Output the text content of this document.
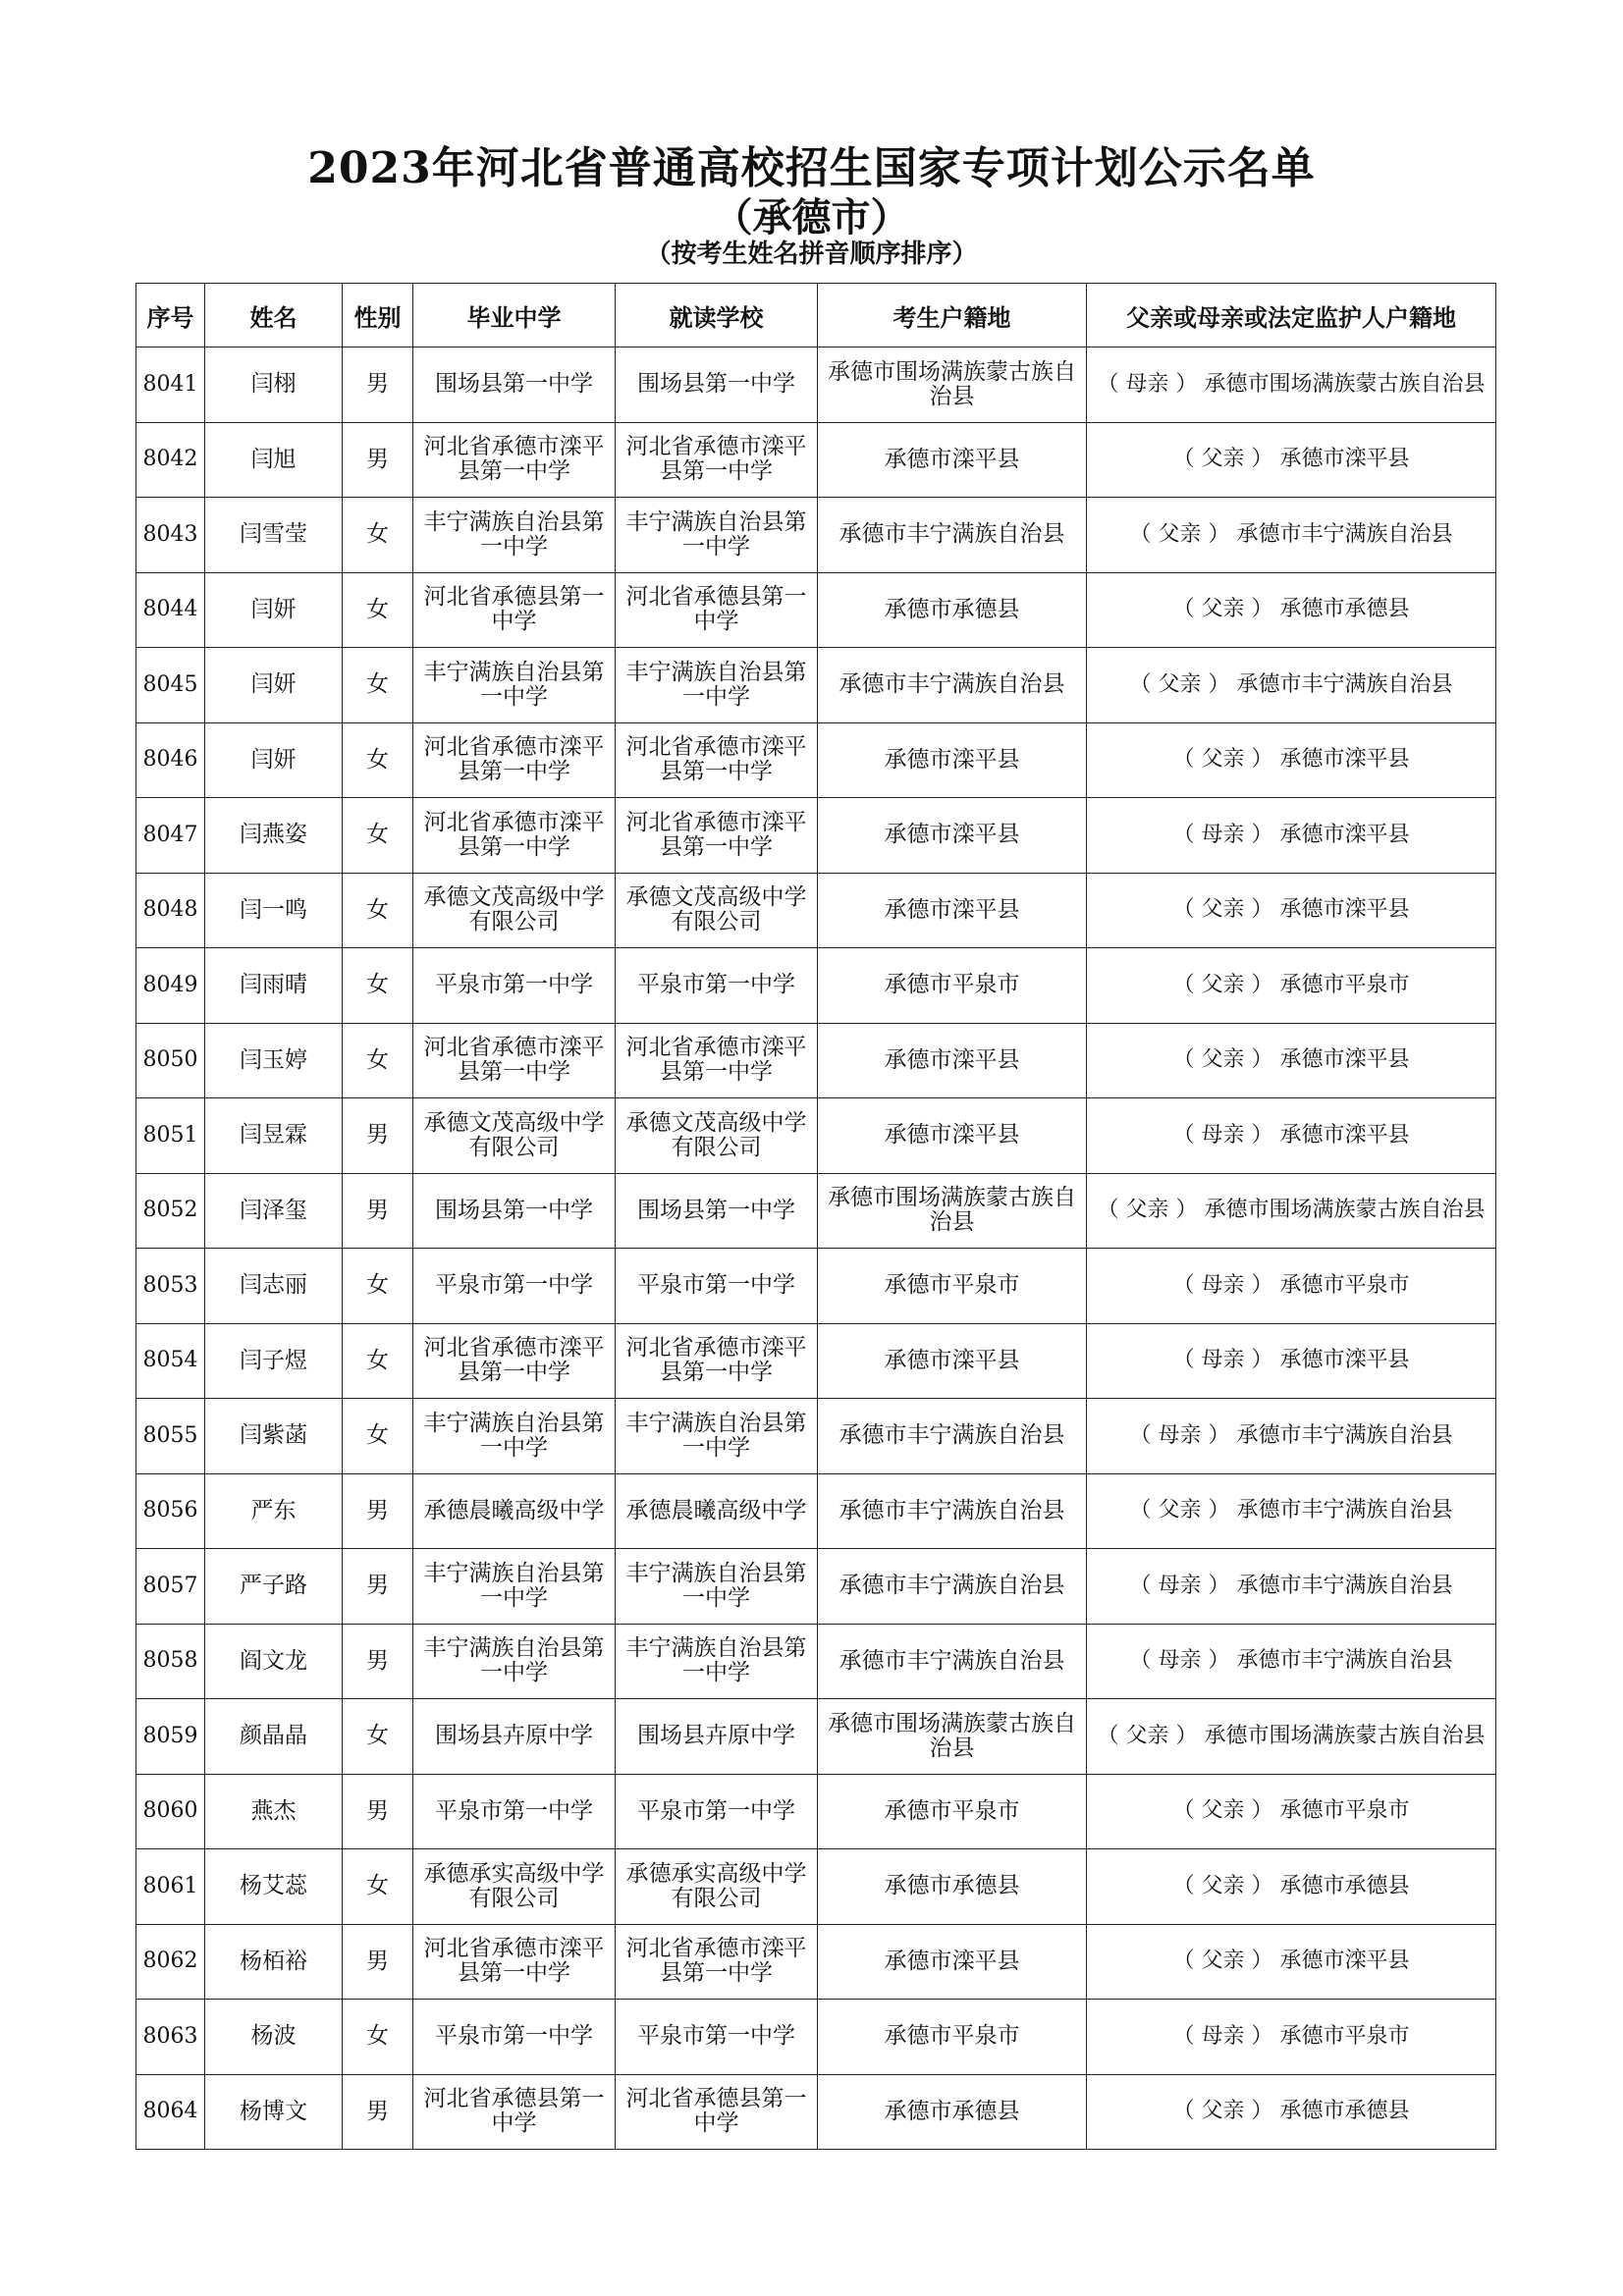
2023年河北省普通高校招生国家专项计划公示名单
（承德市）
（按考生姓名拼音顺序排序）
序号	姓名	性别	毕业中学	就读学校	考生户籍地	父亲或母亲或法定监护人户籍地
8041	闫栩	男	围场县第一中学	围场县第一中学	承德市围场满族蒙古族自治县	（ 母亲 ） 承德市围场满族蒙古族自治县
8042	闫旭	男	河北省承德市滦平县第一中学	河北省承德市滦平县第一中学	承德市滦平县	（ 父亲 ） 承德市滦平县
8043	闫雪莹	女	丰宁满族自治县第一中学	丰宁满族自治县第一中学	承德市丰宁满族自治县	（ 父亲 ） 承德市丰宁满族自治县
8044	闫妍	女	河北省承德县第一中学	河北省承德县第一中学	承德市承德县	（ 父亲 ） 承德市承德县
8045	闫妍	女	丰宁满族自治县第一中学	丰宁满族自治县第一中学	承德市丰宁满族自治县	（ 父亲 ） 承德市丰宁满族自治县
8046	闫妍	女	河北省承德市滦平县第一中学	河北省承德市滦平县第一中学	承德市滦平县	（ 父亲 ） 承德市滦平县
8047	闫燕姿	女	河北省承德市滦平县第一中学	河北省承德市滦平县第一中学	承德市滦平县	（ 母亲 ） 承德市滦平县
8048	闫一鸣	女	承德文茂高级中学有限公司	承德文茂高级中学有限公司	承德市滦平县	（ 父亲 ） 承德市滦平县
8049	闫雨晴	女	平泉市第一中学	平泉市第一中学	承德市平泉市	（ 父亲 ） 承德市平泉市
8050	闫玉婷	女	河北省承德市滦平县第一中学	河北省承德市滦平县第一中学	承德市滦平县	（ 父亲 ） 承德市滦平县
8051	闫昱霖	男	承德文茂高级中学有限公司	承德文茂高级中学有限公司	承德市滦平县	（ 母亲 ） 承德市滦平县
8052	闫泽玺	男	围场县第一中学	围场县第一中学	承德市围场满族蒙古族自治县	（ 父亲 ） 承德市围场满族蒙古族自治县
8053	闫志丽	女	平泉市第一中学	平泉市第一中学	承德市平泉市	（ 母亲 ） 承德市平泉市
8054	闫子煜	女	河北省承德市滦平县第一中学	河北省承德市滦平县第一中学	承德市滦平县	（ 母亲 ） 承德市滦平县
8055	闫紫菡	女	丰宁满族自治县第一中学	丰宁满族自治县第一中学	承德市丰宁满族自治县	（ 母亲 ） 承德市丰宁满族自治县
8056	严东	男	承德晨曦高级中学	承德晨曦高级中学	承德市丰宁满族自治县	（ 父亲 ） 承德市丰宁满族自治县
8057	严子路	男	丰宁满族自治县第一中学	丰宁满族自治县第一中学	承德市丰宁满族自治县	（ 母亲 ） 承德市丰宁满族自治县
8058	阎文龙	男	丰宁满族自治县第一中学	丰宁满族自治县第一中学	承德市丰宁满族自治县	（ 母亲 ） 承德市丰宁满族自治县
8059	颜晶晶	女	围场县卉原中学	围场县卉原中学	承德市围场满族蒙古族自治县	（ 父亲 ） 承德市围场满族蒙古族自治县
8060	燕杰	男	平泉市第一中学	平泉市第一中学	承德市平泉市	（ 父亲 ） 承德市平泉市
8061	杨艾蕊	女	承德承实高级中学有限公司	承德承实高级中学有限公司	承德市承德县	（ 父亲 ） 承德市承德县
8062	杨栢裕	男	河北省承德市滦平县第一中学	河北省承德市滦平县第一中学	承德市滦平县	（ 父亲 ） 承德市滦平县
8063	杨波	女	平泉市第一中学	平泉市第一中学	承德市平泉市	（ 母亲 ） 承德市平泉市
8064	杨博文	男	河北省承德县第一中学	河北省承德县第一中学	承德市承德县	（ 父亲 ） 承德市承德县
